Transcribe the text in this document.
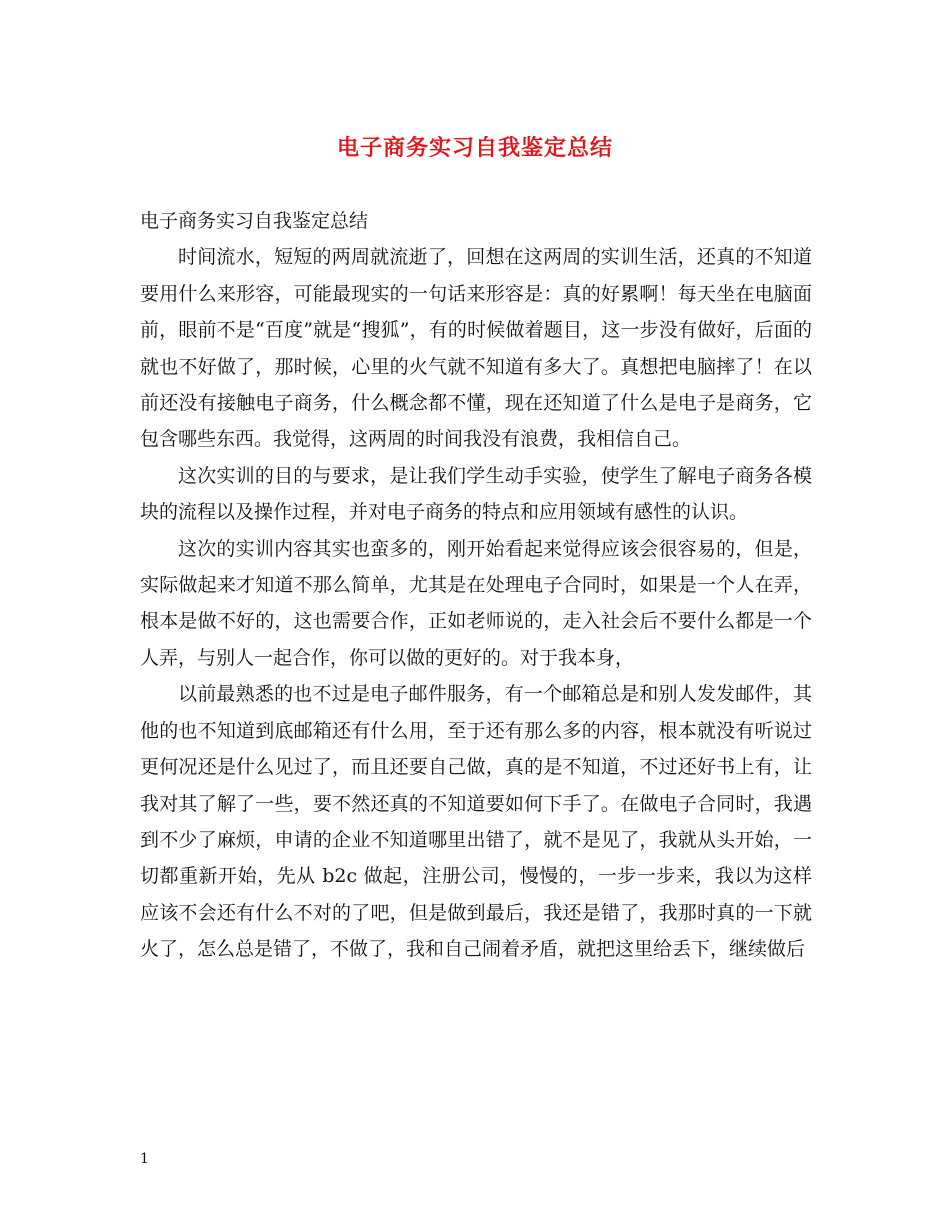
电子商务实习自我鉴定总结

电子商务实习自我鉴定总结

时间流水，短短的两周就流逝了，回想在这两周的实训生活，还真的不知道要用什么来形容，可能最现实的一句话来形容是：真的好累啊！每天坐在电脑面前，眼前不是“百度”就是“搜狐”，有的时候做着题目，这一步没有做好，后面的就也不好做了，那时候，心里的火气就不知道有多大了。真想把电脑摔了！在以前还没有接触电子商务，什么概念都不懂，现在还知道了什么是电子是商务，它包含哪些东西。我觉得，这两周的时间我没有浪费，我相信自己。

这次实训的目的与要求，是让我们学生动手实验，使学生了解电子商务各模块的流程以及操作过程，并对电子商务的特点和应用领域有感性的认识。

这次的实训内容其实也蛮多的，刚开始看起来觉得应该会很容易的，但是，实际做起来才知道不那么简单，尤其是在处理电子合同时，如果是一个人在弄，根本是做不好的，这也需要合作，正如老师说的，走入社会后不要什么都是一个人弄，与别人一起合作，你可以做的更好的。对于我本身，

以前最熟悉的也不过是电子邮件服务，有一个邮箱总是和别人发发邮件，其他的也不知道到底邮箱还有什么用，至于还有那么多的内容，根本就没有听说过更何况还是什么见过了，而且还要自己做，真的是不知道，不过还好书上有，让我对其了解了一些，要不然还真的不知道要如何下手了。在做电子合同时，我遇到不少了麻烦，申请的企业不知道哪里出错了，就不是见了，我就从头开始，一切都重新开始，先从 b2c 做起，注册公司，慢慢的，一步一步来，我以为这样应该不会还有什么不对的了吧，但是做到最后，我还是错了，我那时真的一下就火了，怎么总是错了，不做了，我和自己闹着矛盾，就把这里给丢下，继续做后

1
